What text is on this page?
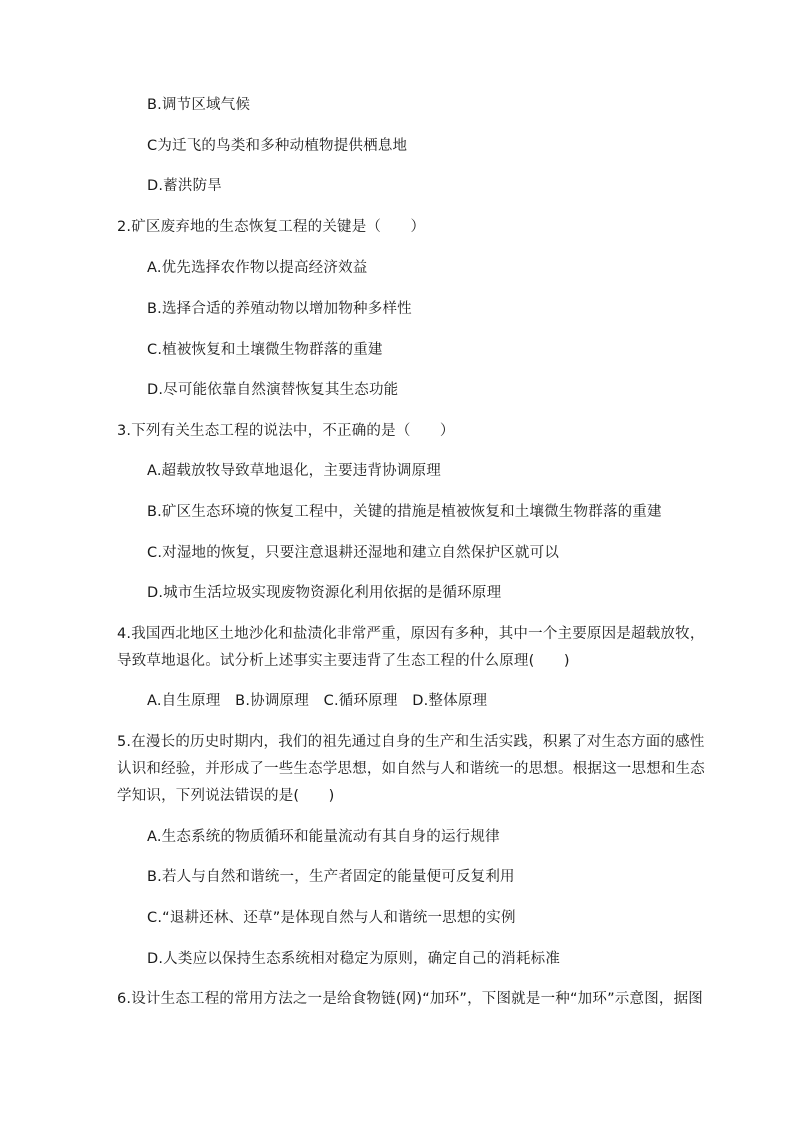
B.调节区域气候
C为迁飞的鸟类和多种动植物提供栖息地
D.蓄洪防旱
2.矿区废弃地的生态恢复工程的关键是（　　）
A.优先选择农作物以提高经济效益
B.选择合适的养殖动物以增加物种多样性
C.植被恢复和土壤微生物群落的重建
D.尽可能依靠自然演替恢复其生态功能
3.下列有关生态工程的说法中，不正确的是（　　）
A.超载放牧导致草地退化，主要违背协调原理
B.矿区生态环境的恢复工程中，关键的措施是植被恢复和土壤微生物群落的重建
C.对湿地的恢复，只要注意退耕还湿地和建立自然保护区就可以
D.城市生活垃圾实现废物资源化利用依据的是循环原理
4.我国西北地区土地沙化和盐渍化非常严重，原因有多种，其中一个主要原因是超载放牧，
导致草地退化。试分析上述事实主要违背了生态工程的什么原理(　　)
A.自生原理　B.协调原理　C.循环原理　D.整体原理
5.在漫长的历史时期内，我们的祖先通过自身的生产和生活实践，积累了对生态方面的感性
认识和经验，并形成了一些生态学思想，如自然与人和谐统一的思想。根据这一思想和生态
学知识，下列说法错误的是(　　)
A.生态系统的物质循环和能量流动有其自身的运行规律
B.若人与自然和谐统一，生产者固定的能量便可反复利用
C.“退耕还林、还草”是体现自然与人和谐统一思想的实例
D.人类应以保持生态系统相对稳定为原则，确定自己的消耗标准
6.设计生态工程的常用方法之一是给食物链(网)“加环”，下图就是一种“加环”示意图，据图
